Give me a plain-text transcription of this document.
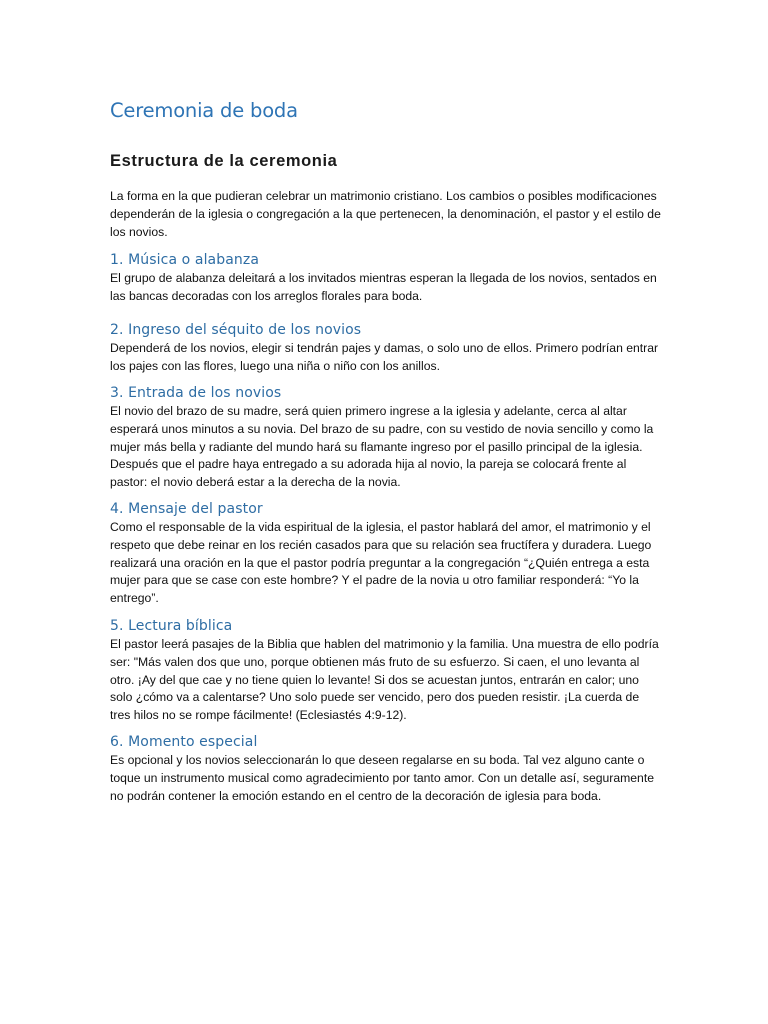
Ceremonia de boda
Estructura de la ceremonia

La forma en la que pudieran celebrar un matrimonio cristiano. Los cambios o posibles modificaciones dependerán de la iglesia o congregación a la que pertenecen, la denominación, el pastor y el estilo de los novios.

1. Música o alabanza

El grupo de alabanza deleitará a los invitados mientras esperan la llegada de los novios, sentados en las bancas decoradas con los arreglos florales para boda.

2. Ingreso del séquito de los novios

Dependerá de los novios, elegir si tendrán pajes y damas, o solo uno de ellos. Primero podrían entrar los pajes con las flores, luego una niña o niño con los anillos.

3. Entrada de los novios

El novio del brazo de su madre, será quien primero ingrese a la iglesia y adelante, cerca al altar esperará unos minutos a su novia. Del brazo de su padre, con su vestido de novia sencillo y como la mujer más bella y radiante del mundo hará su flamante ingreso por el pasillo principal de la iglesia. Después que el padre haya entregado a su adorada hija al novio, la pareja se colocará frente al pastor: el novio deberá estar a la derecha de la novia.

4. Mensaje del pastor

Como el responsable de la vida espiritual de la iglesia, el pastor hablará del amor, el matrimonio y el respeto que debe reinar en los recién casados para que su relación sea fructífera y duradera. Luego realizará una oración en la que el pastor podría preguntar a la congregación “¿Quién entrega a esta mujer para que se case con este hombre? Y el padre de la novia u otro familiar responderá: “Yo la entrego”.

5. Lectura bíblica

El pastor leerá pasajes de la Biblia que hablen del matrimonio y la familia. Una muestra de ello podría ser: "Más valen dos que uno, porque obtienen más fruto de su esfuerzo. Si caen, el uno levanta al otro. ¡Ay del que cae y no tiene quien lo levante! Si dos se acuestan juntos, entrarán en calor; uno solo ¿cómo va a calentarse? Uno solo puede ser vencido, pero dos pueden resistir. ¡La cuerda de tres hilos no se rompe fácilmente! (Eclesiastés 4:9-12).

6. Momento especial

Es opcional y los novios seleccionarán lo que deseen regalarse en su boda. Tal vez alguno cante o toque un instrumento musical como agradecimiento por tanto amor. Con un detalle así, seguramente no podrán contener la emoción estando en el centro de la decoración de iglesia para boda.
